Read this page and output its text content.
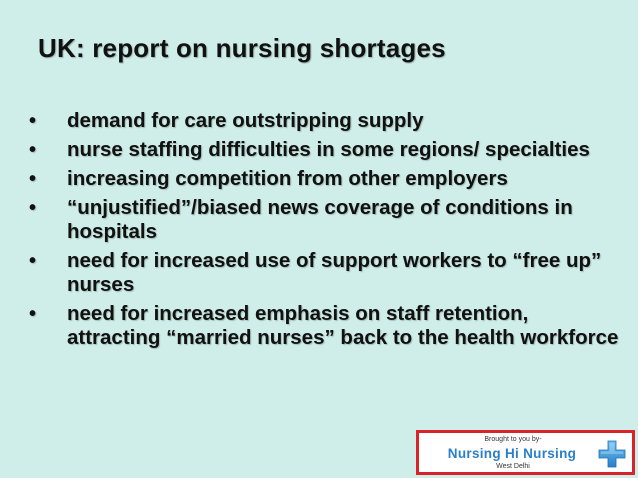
UK: report on nursing shortages
• demand for care outstripping supply
• nurse staffing difficulties in some regions/ specialties
• increasing competition from other employers
• “unjustified”/biased news coverage of conditions in hospitals
• need for increased use of support workers to “free up” nurses
• need for increased emphasis on staff retention, attracting “married nurses” back to the health workforce
Brought to you by-
Nursing Hi Nursing
West Delhi
